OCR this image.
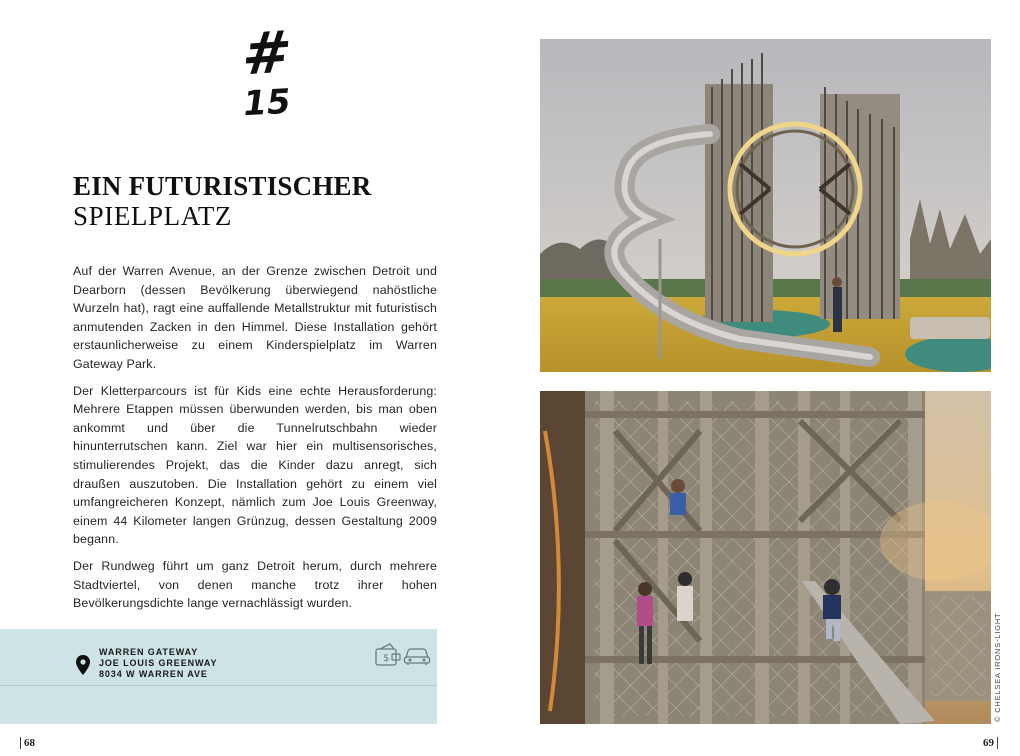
#
15
EIN FUTURISTISCHER
SPIELPLATZ

Auf der Warren Avenue, an der Grenze zwischen Detroit und Dearborn (dessen Bevölkerung überwiegend nahöstliche Wurzeln hat), ragt eine auffallende Metallstruktur mit futuristisch anmutenden Zacken in den Himmel. Diese Installation gehört erstaunlicherweise zu einem Kinderspielplatz im Warren Gateway Park.

Der Kletterparcours ist für Kids eine echte Herausforderung: Mehrere Etappen müssen überwunden werden, bis man oben ankommt und über die Tunnelrutschbahn wieder hinunterrutschen kann. Ziel war hier ein multisensorisches, stimulierendes Projekt, das die Kinder dazu anregt, sich draußen auszutoben. Die Installation gehört zu einem viel umfangreicheren Konzept, nämlich zum Joe Louis Greenway, einem 44 Kilometer langen Grünzug, dessen Gestaltung 2009 begann.

Der Rundweg führt um ganz Detroit herum, durch mehrere Stadtviertel, von denen manche trotz ihrer hohen Bevölkerungsdichte lange vernachlässigt wurden.

WARREN GATEWAY
JOE LOUIS GREENWAY
8034 W WARREN AVE
$
68	69
© CHELSEA IRONS-LIGHT
